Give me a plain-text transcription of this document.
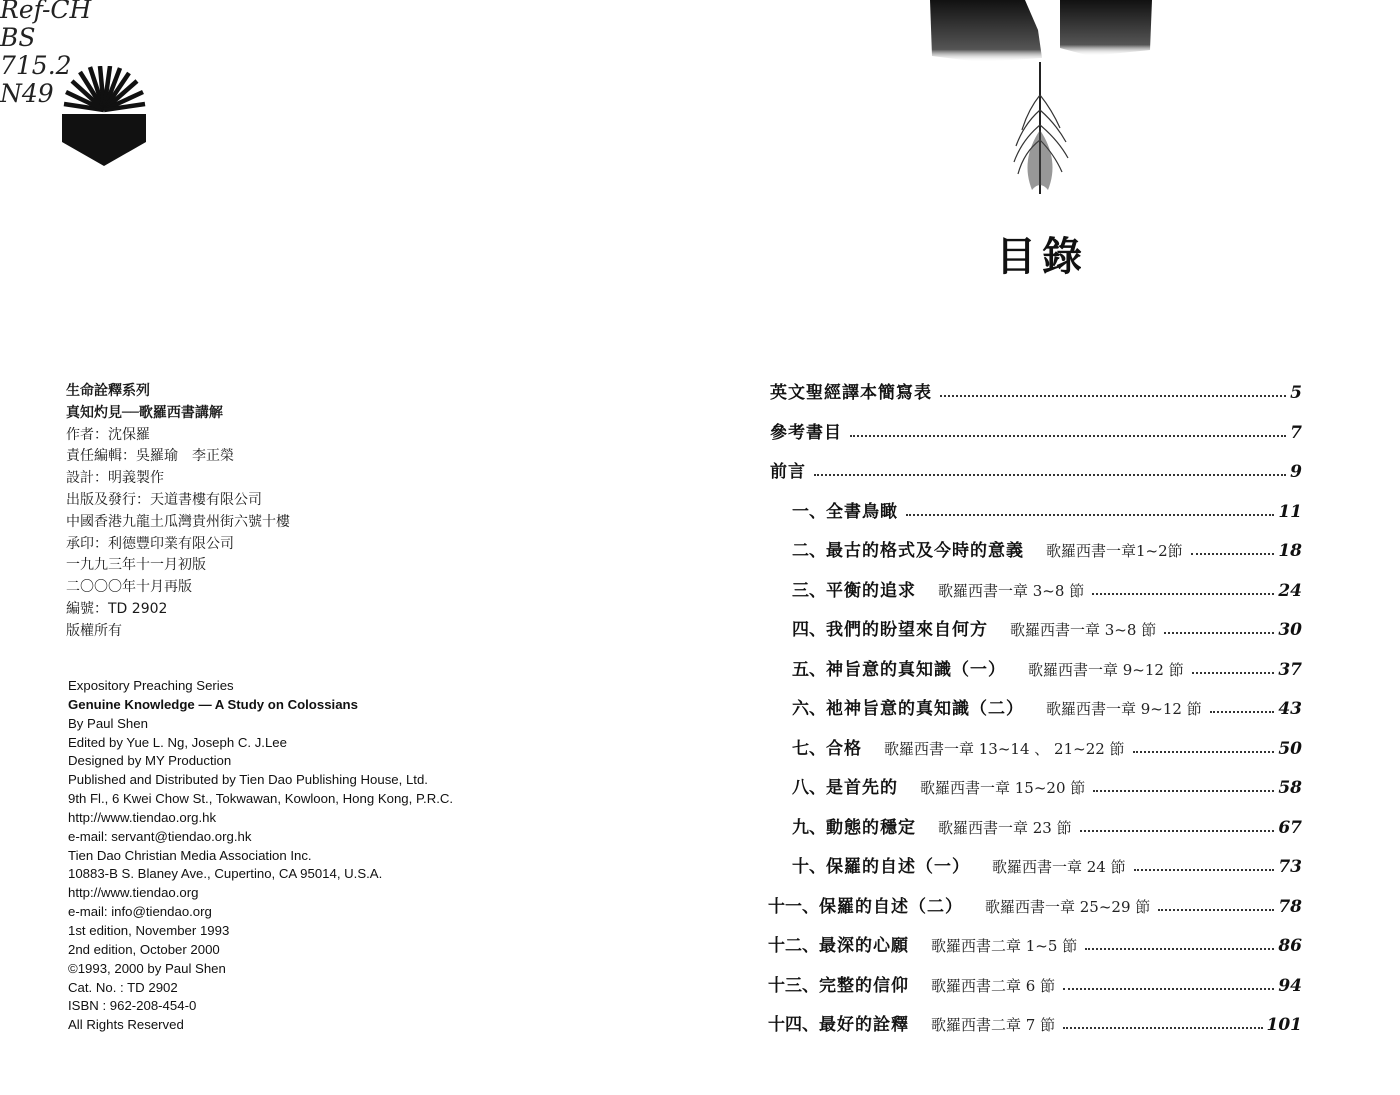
Ref-CH
BS
715.2
N49
目錄
生命詮釋系列
真知灼見──歌羅西書講解
作者：沈保羅
責任編輯：吳羅瑜　李正榮
設計：明義製作
出版及發行：天道書樓有限公司
中國香港九龍土瓜灣貴州街六號十樓
承印：利德豐印業有限公司
一九九三年十一月初版
二〇〇〇年十月再版
編號：TD 2902
版權所有
Expository Preaching Series
Genuine Knowledge — A Study on Colossians
By Paul Shen
Edited by Yue L. Ng, Joseph C. J.Lee
Designed by MY Production
Published and Distributed by Tien Dao Publishing House, Ltd.
9th Fl., 6 Kwei Chow St., Tokwawan, Kowloon, Hong Kong, P.R.C.
http://www.tiendao.org.hk
e-mail: servant@tiendao.org.hk
Tien Dao Christian Media Association Inc.
10883-B S. Blaney Ave., Cupertino, CA 95014, U.S.A.
http://www.tiendao.org
e-mail: info@tiendao.org
1st edition, November 1993
2nd edition, October 2000
©1993, 2000 by Paul Shen
Cat. No. : TD 2902
ISBN : 962-208-454-0
All Rights Reserved
英文聖經譯本簡寫表	5
參考書目	7
前言	9
一、 全書鳥瞰	11
二、 最古的格式及今時的意義 歌羅西書一章1~2節	18
三、 平衡的追求 歌羅西書一章 3~8 節	24
四、 我們的盼望來自何方 歌羅西書一章 3~8 節	30
五、 神旨意的真知識（一） 歌羅西書一章 9~12 節	37
六、 祂神旨意的真知識（二） 歌羅西書一章 9~12 節	43
七、 合格 歌羅西書一章 13~14 、 21~22 節	50
八、 是首先的 歌羅西書一章 15~20 節	58
九、 動態的穩定 歌羅西書一章 23 節	67
十、 保羅的自述（一） 歌羅西書一章 24 節	73
十一、 保羅的自述（二） 歌羅西書一章 25~29 節	78
十二、 最深的心願 歌羅西書二章 1~5 節	86
十三、 完整的信仰 歌羅西書二章 6 節	94
十四、 最好的詮釋 歌羅西書二章 7 節	101
